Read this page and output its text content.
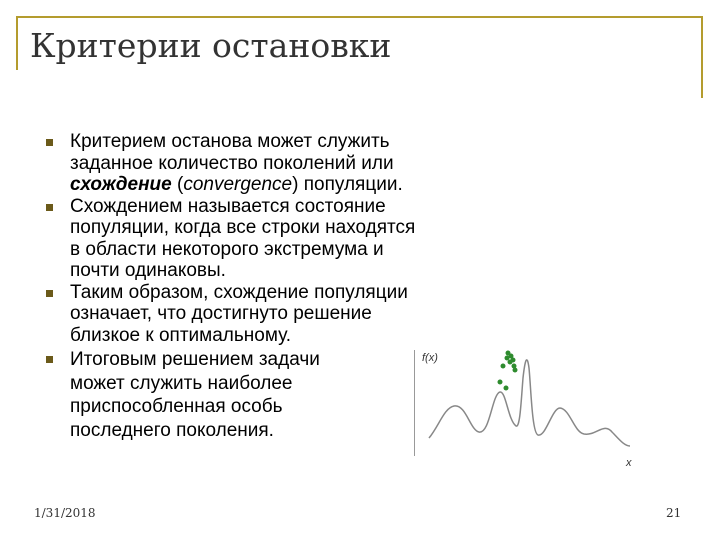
Критерии остановки
Критерием останова может служить
заданное количество поколений или
схождение (convergence) популяции.
Схождением называется состояние
популяции, когда все строки находятся
в области некоторого экстремума и
почти одинаковы.
Таким образом, схождение популяции
означает, что достигнуто решение
близкое к оптимальному.
Итоговым решением задачи
может служить наиболее
приспособленная особь
последнего поколения.
f(x)
x
1/31/2018	21
